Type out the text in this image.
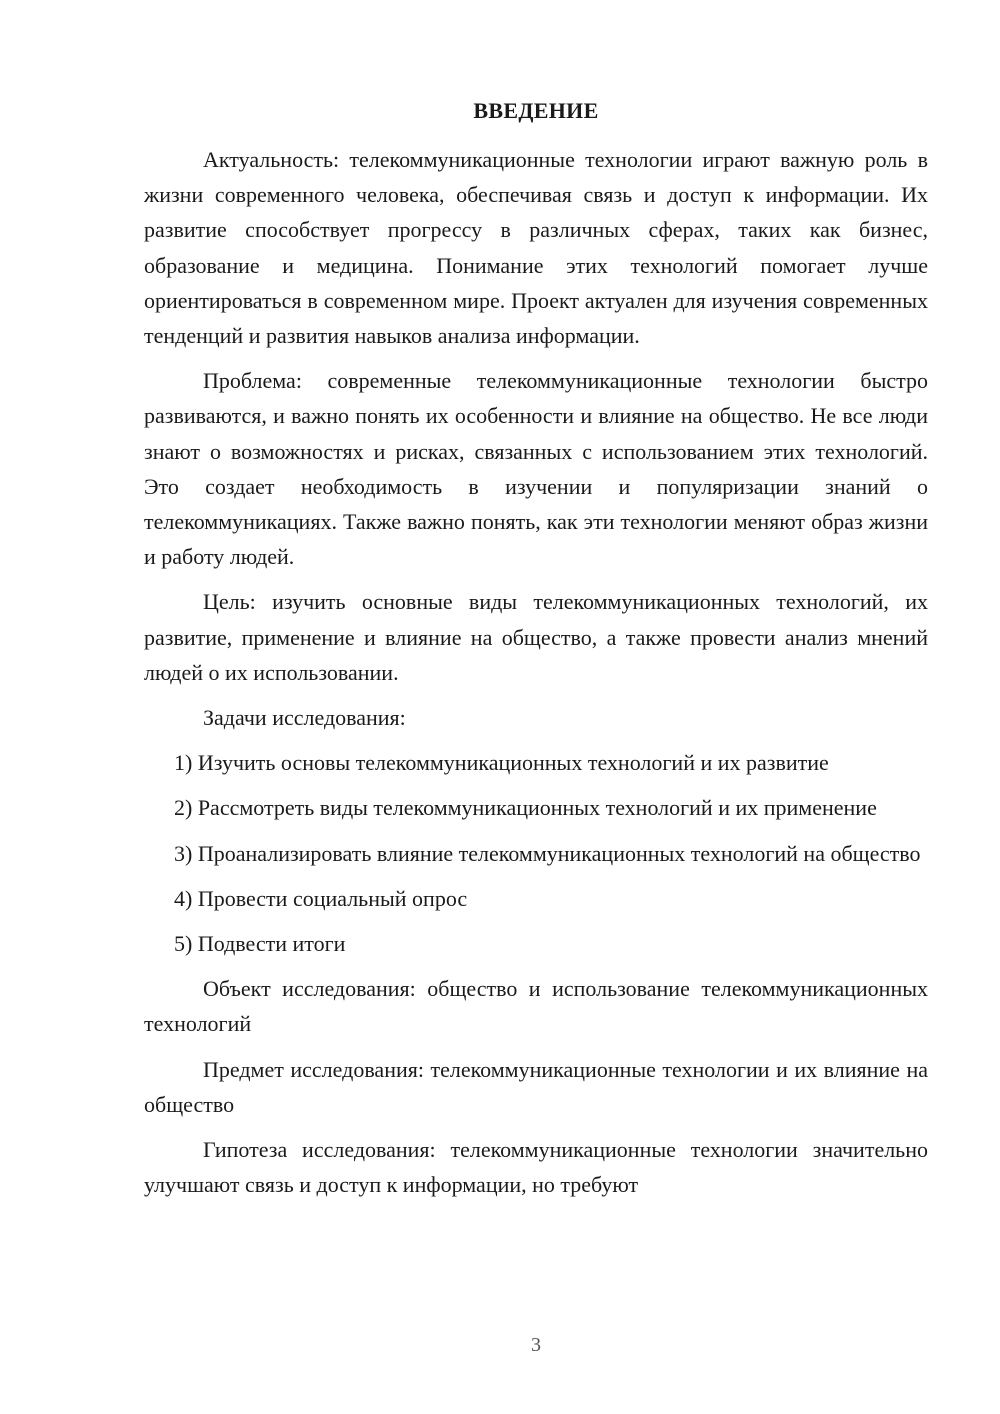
ВВЕДЕНИЕ

Актуальность: телекоммуникационные технологии играют важную роль в жизни современного человека, обеспечивая связь и доступ к информации. Их развитие способствует прогрессу в различных сферах, таких как бизнес, образование и медицина. Понимание этих технологий помогает лучше ориентироваться в современном мире. Проект актуален для изучения современных тенденций и развития навыков анализа информации.

Проблема: современные телекоммуникационные технологии быстро развиваются, и важно понять их особенности и влияние на общество. Не все люди знают о возможностях и рисках, связанных с использованием этих технологий. Это создает необходимость в изучении и популяризации знаний о телекоммуникациях. Также важно понять, как эти технологии меняют образ жизни и работу людей.

Цель: изучить основные виды телекоммуникационных технологий, их развитие, применение и влияние на общество, а также провести анализ мнений людей о их использовании.

Задачи исследования:

1) Изучить основы телекоммуникационных технологий и их развитие

2) Рассмотреть виды телекоммуникационных технологий и их применение

3) Проанализировать влияние телекоммуникационных технологий на общество

4) Провести социальный опрос

5) Подвести итоги

Объект исследования: общество и использование телекоммуникационных технологий

Предмет исследования: телекоммуникационные технологии и их влияние на общество

Гипотеза исследования: телекоммуникационные технологии значительно улучшают связь и доступ к информации, но требуют

3
